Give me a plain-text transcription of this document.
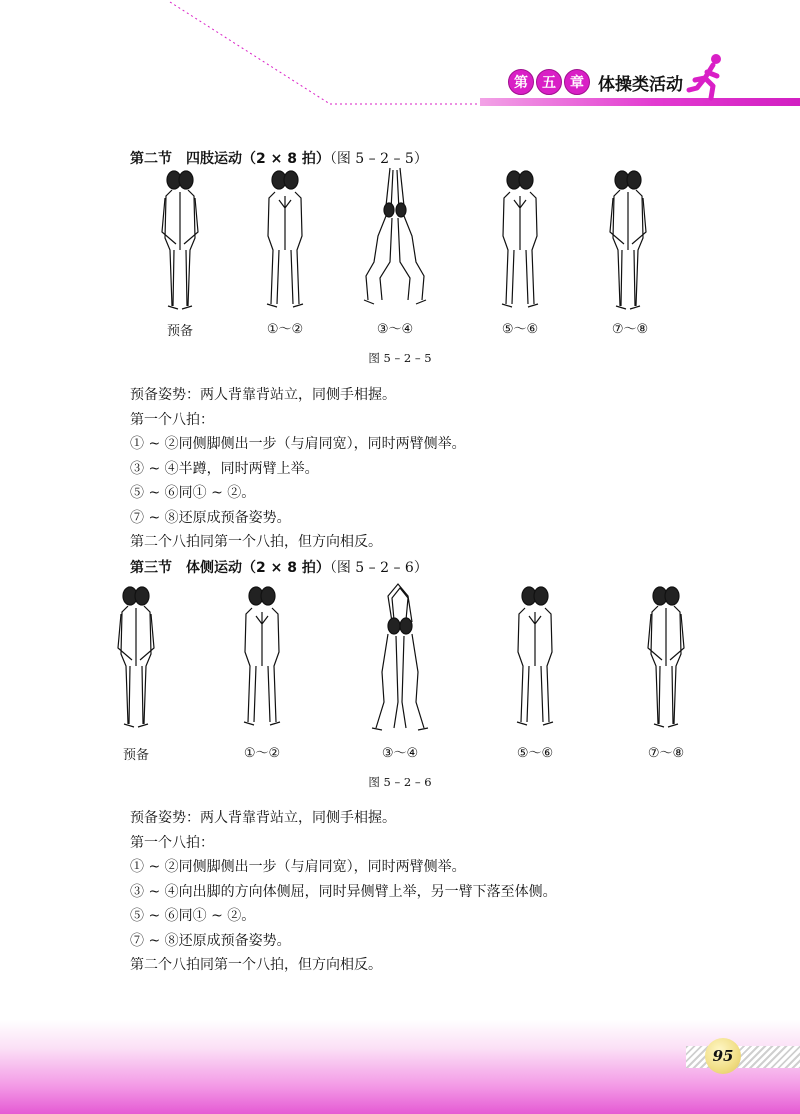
第	五	章 体操类活动
第二节　四肢运动（2 × 8 拍）（图 5 – 2 – 5）
预备	①～②	③～④	⑤～⑥	⑦～⑧
图 5 – 2 – 5

预备姿势：两人背靠背站立，同侧手相握。

第一个八拍：

① ~ ②同侧脚侧出一步（与肩同宽），同时两臂侧举。

③ ~ ④半蹲，同时两臂上举。

⑤ ~ ⑥同① ~ ②。

⑦ ~ ⑧还原成预备姿势。

第二个八拍同第一个八拍，但方向相反。

第三节　体侧运动（2 × 8 拍）（图 5 – 2 – 6）
预备	①～②	③～④	⑤～⑥	⑦～⑧
图 5 – 2 – 6

预备姿势：两人背靠背站立，同侧手相握。

第一个八拍：

① ~ ②同侧脚侧出一步（与肩同宽），同时两臂侧举。

③ ~ ④向出脚的方向体侧屈，同时异侧臂上举，另一臂下落至体侧。

⑤ ~ ⑥同① ~ ②。

⑦ ~ ⑧还原成预备姿势。

第二个八拍同第一个八拍，但方向相反。

95
